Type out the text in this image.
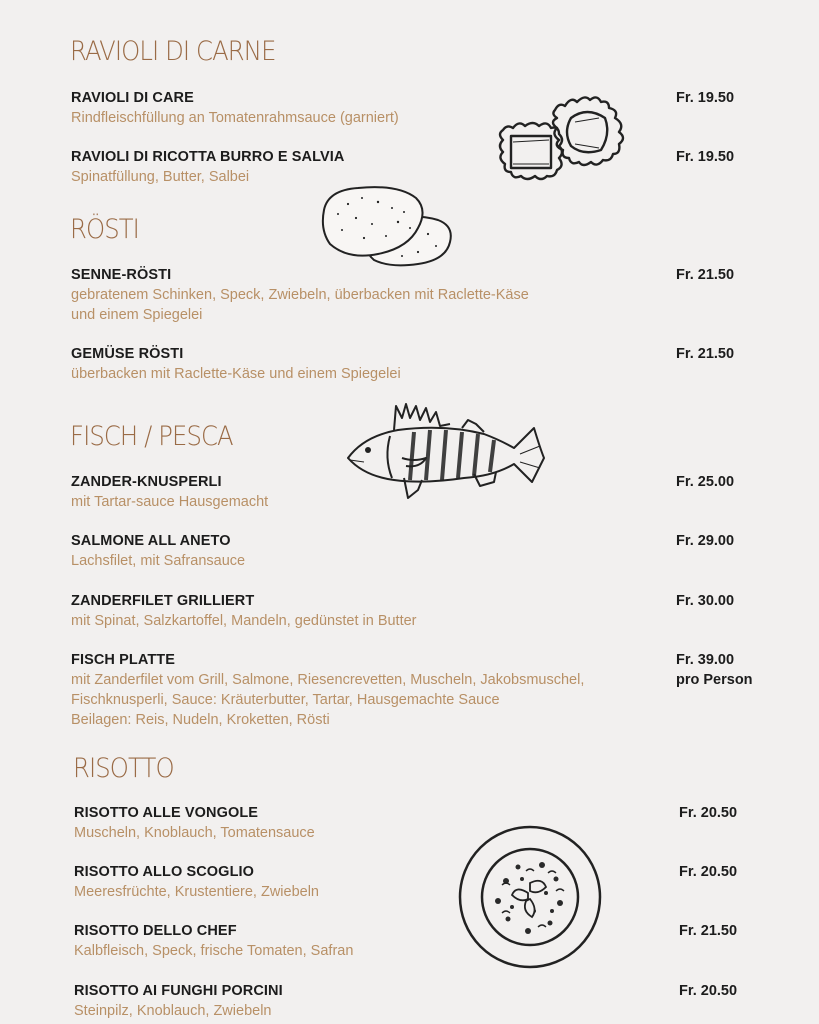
RAVIOLI DI CARNE

RAVIOLI DI CARE

Rindfleischfüllung an Tomatenrahmsauce (garniert)

Fr. 19.50

RAVIOLI DI RICOTTA BURRO E SALVIA

Spinatfüllung, Butter, Salbei

Fr. 19.50
RÖSTI

SENNE-RÖSTI

gebratenem Schinken, Speck, Zwiebeln, überbacken mit Raclette-Käse

und einem Spiegelei

Fr. 21.50

GEMÜSE RÖSTI

überbacken mit Raclette-Käse und einem Spiegelei

Fr. 21.50
FISCH / PESCA

ZANDER-KNUSPERLI

mit Tartar-sauce Hausgemacht

Fr. 25.00

SALMONE ALL ANETO

Lachsfilet, mit Safransauce

Fr. 29.00

ZANDERFILET GRILLIERT

mit Spinat, Salzkartoffel, Mandeln, gedünstet in Butter

Fr. 30.00

FISCH PLATTE

mit Zanderfilet vom Grill, Salmone, Riesencrevetten, Muscheln, Jakobsmuschel,

Fischknusperli, Sauce: Kräuterbutter, Tartar, Hausgemachte Sauce

Beilagen: Reis, Nudeln, Kroketten, Rösti

Fr. 39.00
pro Person
RISOTTO

RISOTTO ALLE VONGOLE

Muscheln, Knoblauch, Tomatensauce

Fr. 20.50

RISOTTO ALLO SCOGLIO

Meeresfrüchte, Krustentiere, Zwiebeln

Fr. 20.50

RISOTTO DELLO CHEF

Kalbfleisch, Speck, frische Tomaten, Safran

Fr. 21.50

RISOTTO AI FUNGHI PORCINI

Steinpilz, Knoblauch, Zwiebeln

Fr. 20.50
